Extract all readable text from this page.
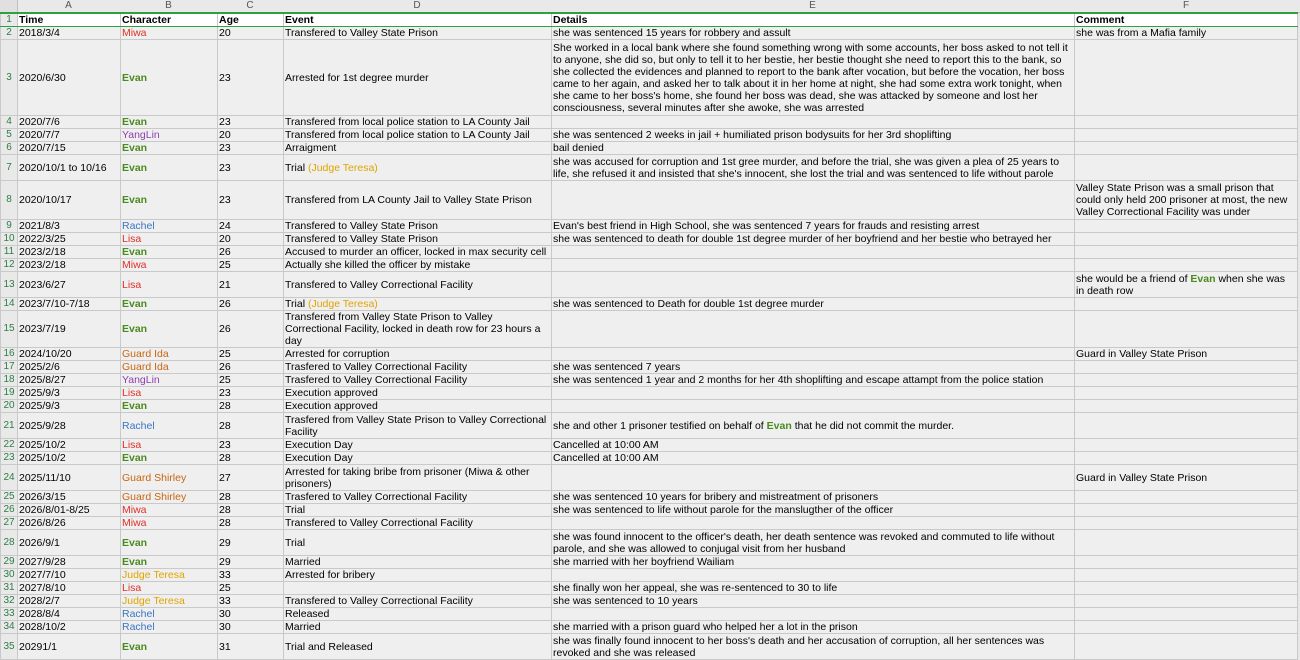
A	B	C	D	E	F
1	Time	Character	Age	Event	Details	Comment
2	2018/3/4	Miwa	20	Transfered to Valley State Prison	she was sentenced 15 years for robbery and assult	she was from a Mafia family
3	2020/6/30	Evan	23	Arrested for 1st degree murder	She worked in a local bank where she found something wrong with some accounts, her boss asked to not tell it to anyone, she did so, but only to tell it to her bestie, her bestie thought she need to report this to the bank, so she collected the evidences and planned to report to the bank after vocation, but before the vocation, her boss came to her again, and asked her to talk about it in her home at night, she had some extra work tonight, when she came to her boss's home, she found her boss was dead, she was attacked by someone and lost her consciousness, several minutes after she awoke, she was arrested	
4	2020/7/6	Evan	23	Transfered from local police station to LA County Jail		
5	2020/7/7	YangLin	20	Transfered from local police station to LA County Jail	she was sentenced 2 weeks in jail + humiliated prison bodysuits for her 3rd shoplifting	
6	2020/7/15	Evan	23	Arraigment	bail denied	
7	2020/10/1 to 10/16	Evan	23	Trial (Judge Teresa)	she was accused for corruption and 1st gree murder, and before the trial, she was given a plea of 25 years to life, she refused it and insisted that she's innocent, she lost the trial and was sentenced to life without parole	
8	2020/10/17	Evan	23	Transfered from LA County Jail to Valley State Prison		Valley State Prison was a small prison that could only held 200 prisoner at most, the new Valley Correctional Facility was under
9	2021/8/3	Rachel	24	Transfered to Valley State Prison	Evan's best friend in High School, she was sentenced 7 years for frauds and resisting arrest	
10	2022/3/25	Lisa	20	Transfered to Valley State Prison	she was sentenced to death for double 1st degree murder of her boyfriend and her bestie who betrayed her	
11	2023/2/18	Evan	26	Accused to murder an officer, locked in max security cell		
12	2023/2/18	Miwa	25	Actually she killed the officer by mistake		
13	2023/6/27	Lisa	21	Transfered to Valley Correctional Facility		she would be a friend of Evan when she was in death row
14	2023/7/10-7/18	Evan	26	Trial (Judge Teresa)	she was sentenced to Death for double 1st degree murder	
15	2023/7/19	Evan	26	Transfered from Valley State Prison to Valley Correctional Facility, locked in death row for 23 hours a day		
16	2024/10/20	Guard Ida	25	Arrested for corruption		Guard in Valley State Prison
17	2025/2/6	Guard Ida	26	Trasfered to Valley Correctional Facility	she was sentenced 7 years	
18	2025/8/27	YangLin	25	Trasfered to Valley Correctional Facility	she was sentenced 1 year and 2 months for her 4th shoplifting and escape attampt from the police station	
19	2025/9/3	Lisa	23	Execution approved		
20	2025/9/3	Evan	28	Execution approved		
21	2025/9/28	Rachel	28	Trasfered from Valley State Prison to Valley Correctional Facility	she and other 1 prisoner testified on behalf of Evan that he did not commit the murder.	
22	2025/10/2	Lisa	23	Execution Day	Cancelled at 10:00 AM	
23	2025/10/2	Evan	28	Execution Day	Cancelled at 10:00 AM	
24	2025/11/10	Guard Shirley	27	Arrested for taking bribe from prisoner (Miwa & other prisoners)		Guard in Valley State Prison
25	2026/3/15	Guard Shirley	28	Trasfered to Valley Correctional Facility	she was sentenced 10 years for bribery and mistreatment of prisoners	
26	2026/8/01-8/25	Miwa	28	Trial	she was sentenced to life without parole for the manslugther of the officer	
27	2026/8/26	Miwa	28	Transfered to Valley Correctional Facility		
28	2026/9/1	Evan	29	Trial	she was found innocent to the officer's death, her death sentence was revoked and commuted to life without parole, and she was allowed to conjugal visit from her husband	
29	2027/9/28	Evan	29	Married	she married with her boyfriend Wailiam	
30	2027/7/10	Judge Teresa	33	Arrested for bribery		
31	2027/8/10	Lisa	25		she finally won her appeal, she was re-sentenced to 30 to life	
32	2028/2/7	Judge Teresa	33	Transfered to Valley Correctional Facility	she was sentenced to 10 years	
33	2028/8/4	Rachel	30	Released		
34	2028/10/2	Rachel	30	Married	she married with a prison guard who helped her a lot in the prison	
35	20291/1	Evan	31	Trial and Released	she was finally found innocent to her boss's death and her accusation of corruption, all her sentences was revoked and she was released	
